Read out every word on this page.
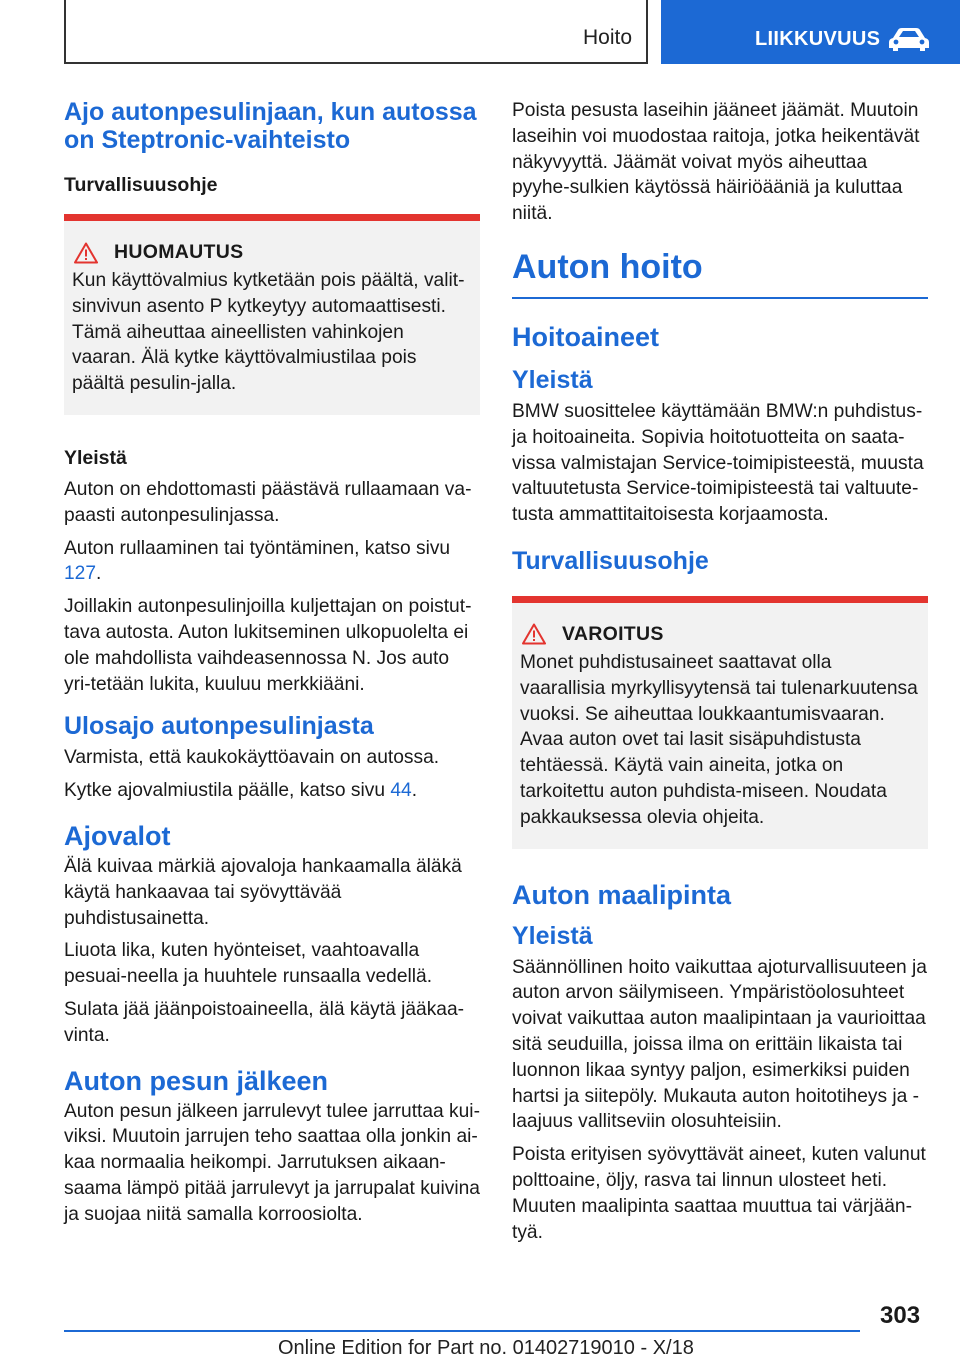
Hoito	LIIKKUVUUS
Ajo autonpesulinjaan, kun autossa on Steptronic-vaihteisto
Turvallisuusohje
HUOMAUTUS

Kun käyttövalmius kytketään pois päältä, valit-sinvivun asento P kytkeytyy automaattisesti. Tämä aiheuttaa aineellisten vahinkojen vaaran. Älä kytke käyttövalmiustilaa pois päältä pesulin-jalla.

Yleistä

Auton on ehdottomasti päästävä rullaamaan va-paasti autonpesulinjassa.

Auton rullaaminen tai työntäminen, katso sivu 127.

Joillakin autonpesulinjoilla kuljettajan on poistut-tava autosta. Auton lukitseminen ulkopuolelta ei ole mahdollista vaihdeasennossa N. Jos auto yri-tetään lukita, kuuluu merkkiääni.

Ulosajo autonpesulinjasta

Varmista, että kaukokäyttöavain on autossa.

Kytke ajovalmiustila päälle, katso sivu 44.

Ajovalot

Älä kuivaa märkiä ajovaloja hankaamalla äläkä käytä hankaavaa tai syövyttävää puhdistusainetta.

Liuota lika, kuten hyönteiset, vaahtoavalla pesuai-neella ja huuhtele runsaalla vedellä.

Sulata jää jäänpoistoaineella, älä käytä jääkaa-vinta.

Auton pesun jälkeen

Auton pesun jälkeen jarrulevyt tulee jarruttaa kui-viksi. Muutoin jarrujen teho saattaa olla jonkin ai-kaa normaalia heikompi. Jarrutuksen aikaan-saama lämpö pitää jarrulevyt ja jarrupalat kuivina ja suojaa niitä samalla korroosiolta.

Poista pesusta laseihin jääneet jäämät. Muutoin laseihin voi muodostaa raitoja, jotka heikentävät näkyvyyttä. Jäämät voivat myös aiheuttaa pyyhe-sulkien käytössä häiriöääniä ja kuluttaa niitä.

Auton hoito
Hoitoaineet
Yleistä

BMW suosittelee käyttämään BMW:n puhdistus-ja hoitoaineita. Sopivia hoitotuotteita on saata-vissa valmistajan Service-toimipisteestä, muusta valtuutetusta Service-toimipisteestä tai valtuute-tusta ammattitaitoisesta korjaamosta.

Turvallisuusohje
VAROITUS

Monet puhdistusaineet saattavat olla vaarallisia myrkyllisyytensä tai tulenarkuutensa vuoksi. Se aiheuttaa loukkaantumisvaaran. Avaa auton ovet tai lasit sisäpuhdistusta tehtäessä. Käytä vain aineita, jotka on tarkoitettu auton puhdista-miseen. Noudata pakkauksessa olevia ohjeita.

Auton maalipinta
Yleistä

Säännöllinen hoito vaikuttaa ajoturvallisuuteen ja auton arvon säilymiseen. Ympäristöolosuhteet voivat vaikuttaa auton maalipintaan ja vaurioittaa sitä seuduilla, joissa ilma on erittäin likaista tai luonnon likaa syntyy paljon, esimerkiksi puiden hartsi ja siitepöly. Mukauta auton hoitotiheys ja -laajuus vallitseviin olosuhteisiin.

Poista erityisen syövyttävät aineet, kuten valunut polttoaine, öljy, rasva tai linnun ulosteet heti. Muuten maalipinta saattaa muuttua tai värjään-tyä.

303
Online Edition for Part no. 01402719010 - X/18
